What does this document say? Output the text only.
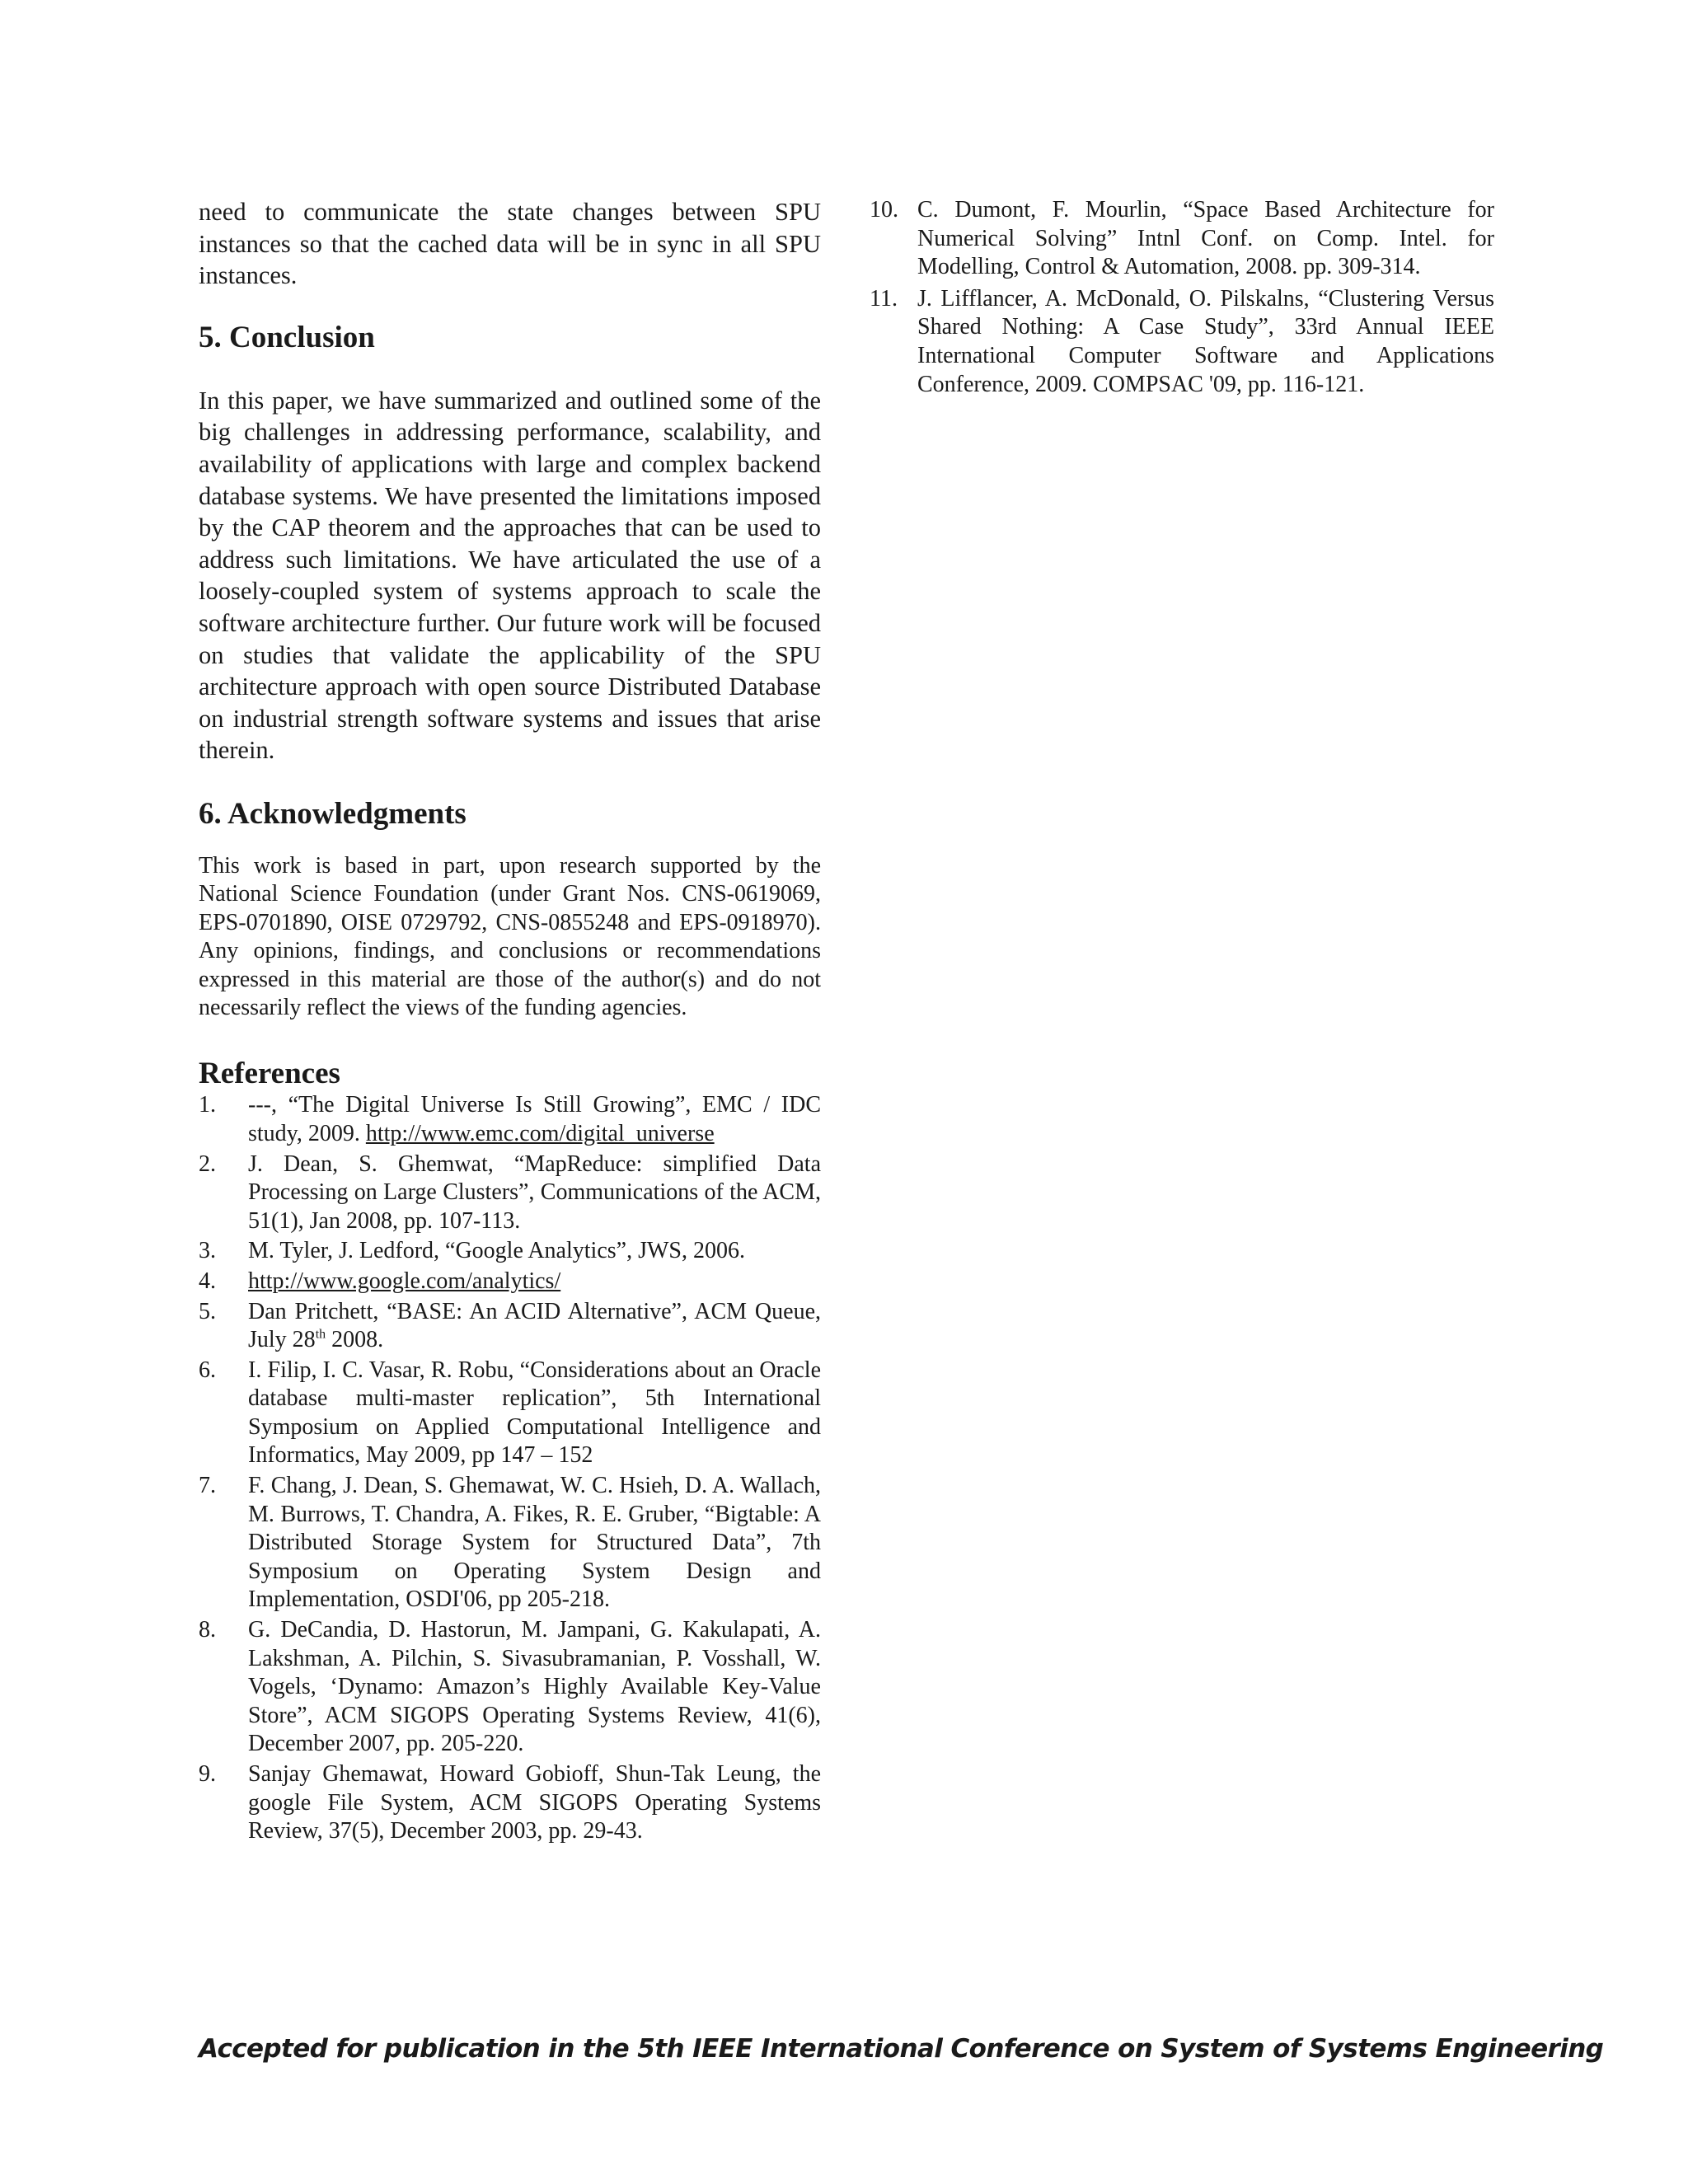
need to communicate the state changes between SPU instances so that the cached data will be in sync in all SPU instances.

5. Conclusion

In this paper, we have summarized and outlined some of the big challenges in addressing performance, scalability, and availability of applications with large and complex backend database systems. We have presented the limitations imposed by the CAP theorem and the approaches that can be used to address such limitations. We have articulated the use of a loosely-coupled system of systems approach to scale the software architecture further. Our future work will be focused on studies that validate the applicability of the SPU architecture approach with open source Distributed Database on industrial strength software systems and issues that arise therein.

6. Acknowledgments

This work is based in part, upon research supported by the National Science Foundation (under Grant Nos. CNS-0619069, EPS-0701890, OISE 0729792, CNS-0855248 and EPS-0918970). Any opinions, findings, and conclusions or recommendations expressed in this material are those of the author(s) and do not necessarily reflect the views of the funding agencies.

References
1. ---, “The Digital Universe Is Still Growing”, EMC / IDC study, 2009. http://www.emc.com/digital_universe
2. J. Dean, S. Ghemwat, “MapReduce: simplified Data Processing on Large Clusters”, Communications of the ACM, 51(1), Jan 2008, pp. 107-113.
3. M. Tyler, J. Ledford, “Google Analytics”, JWS, 2006.
4. http://www.google.com/analytics/
5. Dan Pritchett, “BASE: An ACID Alternative”, ACM Queue, July 28th 2008.
6. I. Filip, I. C. Vasar, R. Robu, “Considerations about an Oracle database multi-master replication”, 5th International Symposium on Applied Computational Intelligence and Informatics, May 2009, pp 147 – 152
7. F. Chang, J. Dean, S. Ghemawat, W. C. Hsieh, D. A. Wallach, M. Burrows, T. Chandra, A. Fikes, R. E. Gruber, “Bigtable: A Distributed Storage System for Structured Data”, 7th Symposium on Operating System Design and Implementation, OSDI'06, pp 205-218.
8. G. DeCandia, D. Hastorun, M. Jampani, G. Kakulapati, A. Lakshman, A. Pilchin, S. Sivasubramanian, P. Vosshall, W. Vogels, ‘Dynamo: Amazon’s Highly Available Key-Value Store”, ACM SIGOPS Operating Systems Review, 41(6), December 2007, pp. 205-220.
9. Sanjay Ghemawat, Howard Gobioff, Shun-Tak Leung, the google File System, ACM SIGOPS Operating Systems Review, 37(5), December 2003, pp. 29-43.
10. C. Dumont, F. Mourlin, “Space Based Architecture for Numerical Solving” Intnl Conf. on Comp. Intel. for Modelling, Control & Automation, 2008. pp. 309-314.
11. J. Lifflancer, A. McDonald, O. Pilskalns, “Clustering Versus Shared Nothing: A Case Study”, 33rd Annual IEEE International Computer Software and Applications Conference, 2009. COMPSAC '09, pp. 116-121.
Accepted for publication in the 5th IEEE International Conference on System of Systems Engineering
